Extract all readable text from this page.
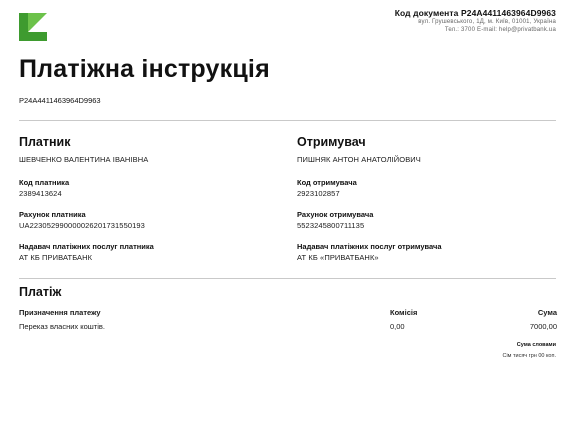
Код документа P24A4411463964D9963
вул. Грушевського, 1Д, м. Київ, 01001, Україна
Тел.: 3700 E-mail: help@privatbank.ua
Платіжна інструкція
P24A4411463964D9963
Платник
ШЕВЧЕНКО ВАЛЕНТИНА ІВАНІВНА
Код платника
2389413624
Рахунок платника
UA223052990000026201731550193
Надавач платіжних послуг платника
АТ КБ ПРИВАТБАНК
Отримувач
ПИШНЯК АНТОН АНАТОЛІЙОВИЧ
Код отримувача
2923102857
Рахунок отримувача
5523245800711135
Надавач платіжних послуг отримувача
АТ КБ «ПРИВАТБАНК»
Платіж
Призначення платежу	Комісія	Сума
Переказ власних коштів.	0,00	7000,00
Сума словами
Сім тисяч грн 00 коп.
